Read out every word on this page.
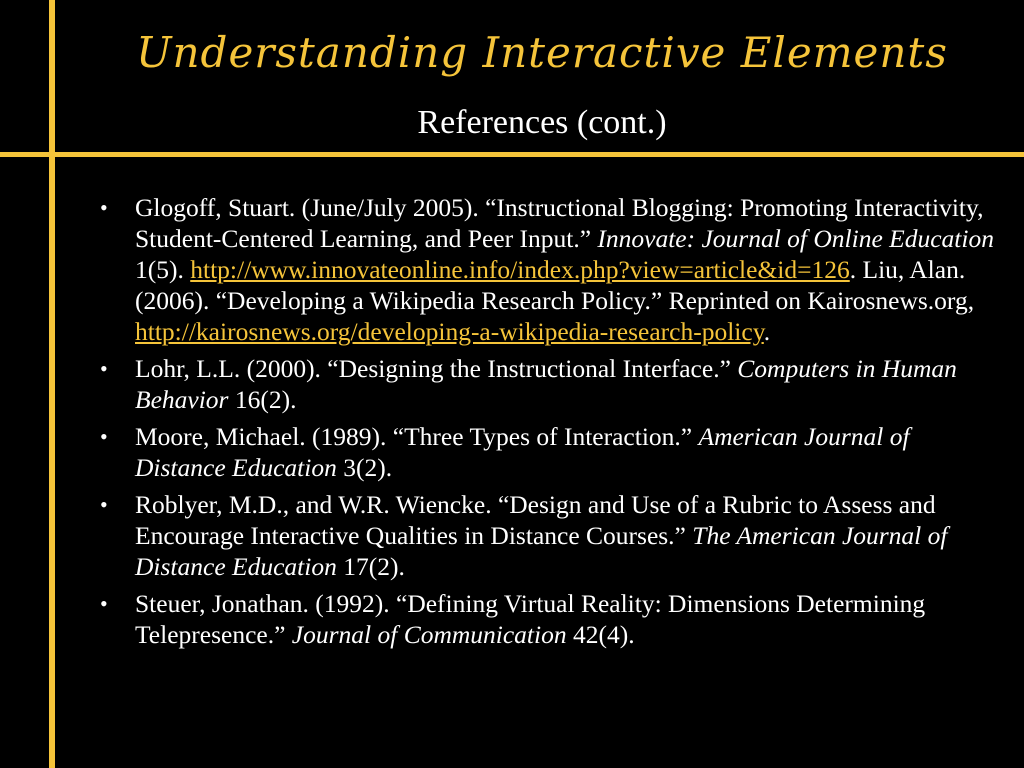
Understanding Interactive Elements
References (cont.)
• Glogoff, Stuart. (June/July 2005). “Instructional Blogging: Promoting Interactivity, Student-Centered Learning, and Peer Input.” Innovate: Journal of Online Education 1(5). http://www.innovateonline.info/index.php?view=article&id=126. Liu, Alan. (2006). “Developing a Wikipedia Research Policy.” Reprinted on Kairosnews.org, http://kairosnews.org/developing-a-wikipedia-research-policy.
• Lohr, L.L. (2000). “Designing the Instructional Interface.” Computers in Human Behavior 16(2).
• Moore, Michael. (1989). “Three Types of Interaction.” American Journal of Distance Education 3(2).
• Roblyer, M.D., and W.R. Wiencke. “Design and Use of a Rubric to Assess and Encourage Interactive Qualities in Distance Courses.” The American Journal of Distance Education 17(2).
• Steuer, Jonathan. (1992). “Defining Virtual Reality: Dimensions Determining Telepresence.” Journal of Communication 42(4).
